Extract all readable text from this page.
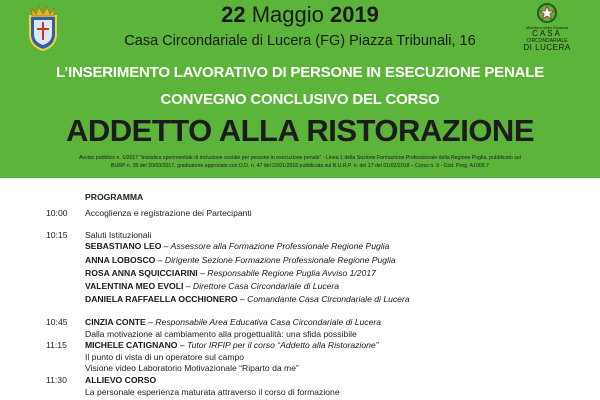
Ministero della Giustizia
CASA
CIRCONDARIALE
DI LUCERA
22 Maggio 2019
Casa Circondariale di Lucera (FG) Piazza Tribunali, 16
L’INSERIMENTO LAVORATIVO DI PERSONE IN ESECUZIONE PENALE
CONVEGNO CONCLUSIVO DEL CORSO
ADDETTO ALLA RISTORAZIONE
Avviso pubblico n. 1/2017 “Iniziativa sperimentale di inclusione sociale per persone in esecuzione penale” - Linea 1 della Sezione Formazione Professionale della Regione Puglia, pubblicato sul
BURP n. 35 del 20/03/2017, graduatorie approvate con D.D. n. 47 del 22/01/2018 pubblicata sul B.U.R.P. n. del 17 del 01/02/2018 – Corso n. 9 - Cod. Prog. A1005.7
PROGRAMMA
10:00 Accoglienza e registrazione dei Partecipanti
10:15 Saluti Istituzionali
SEBASTIANO LEO – Assessore alla Formazione Professionale Regione Puglia
ANNA LOBOSCO – Dirigente Sezione Formazione Professionale Regione Puglia
ROSA ANNA SQUICCIARINI – Responsabile Regione Puglia Avviso 1/2017
VALENTINA MEO EVOLI – Direttore Casa Circondariale di Lucera
DANIELA RAFFAELLA OCCHIONERO – Comandante Casa Circondariale di Lucera
10:45 CINZIA CONTE – Responsabile Area Educativa Casa Circondariale di Lucera
Dalla motivazione al cambiamento alla progettualità: una sfida possibile
11:15 MICHELE CATIGNANO – Tutor IRFIP per il corso “Addetto alla Ristorazione”
Il punto di vista di un operatore sul campo
Visione video Laboratorio Motivazionale “Riparto da me”
11:30 ALLIEVO CORSO
La personale esperienza maturata attraverso il corso di formazione
